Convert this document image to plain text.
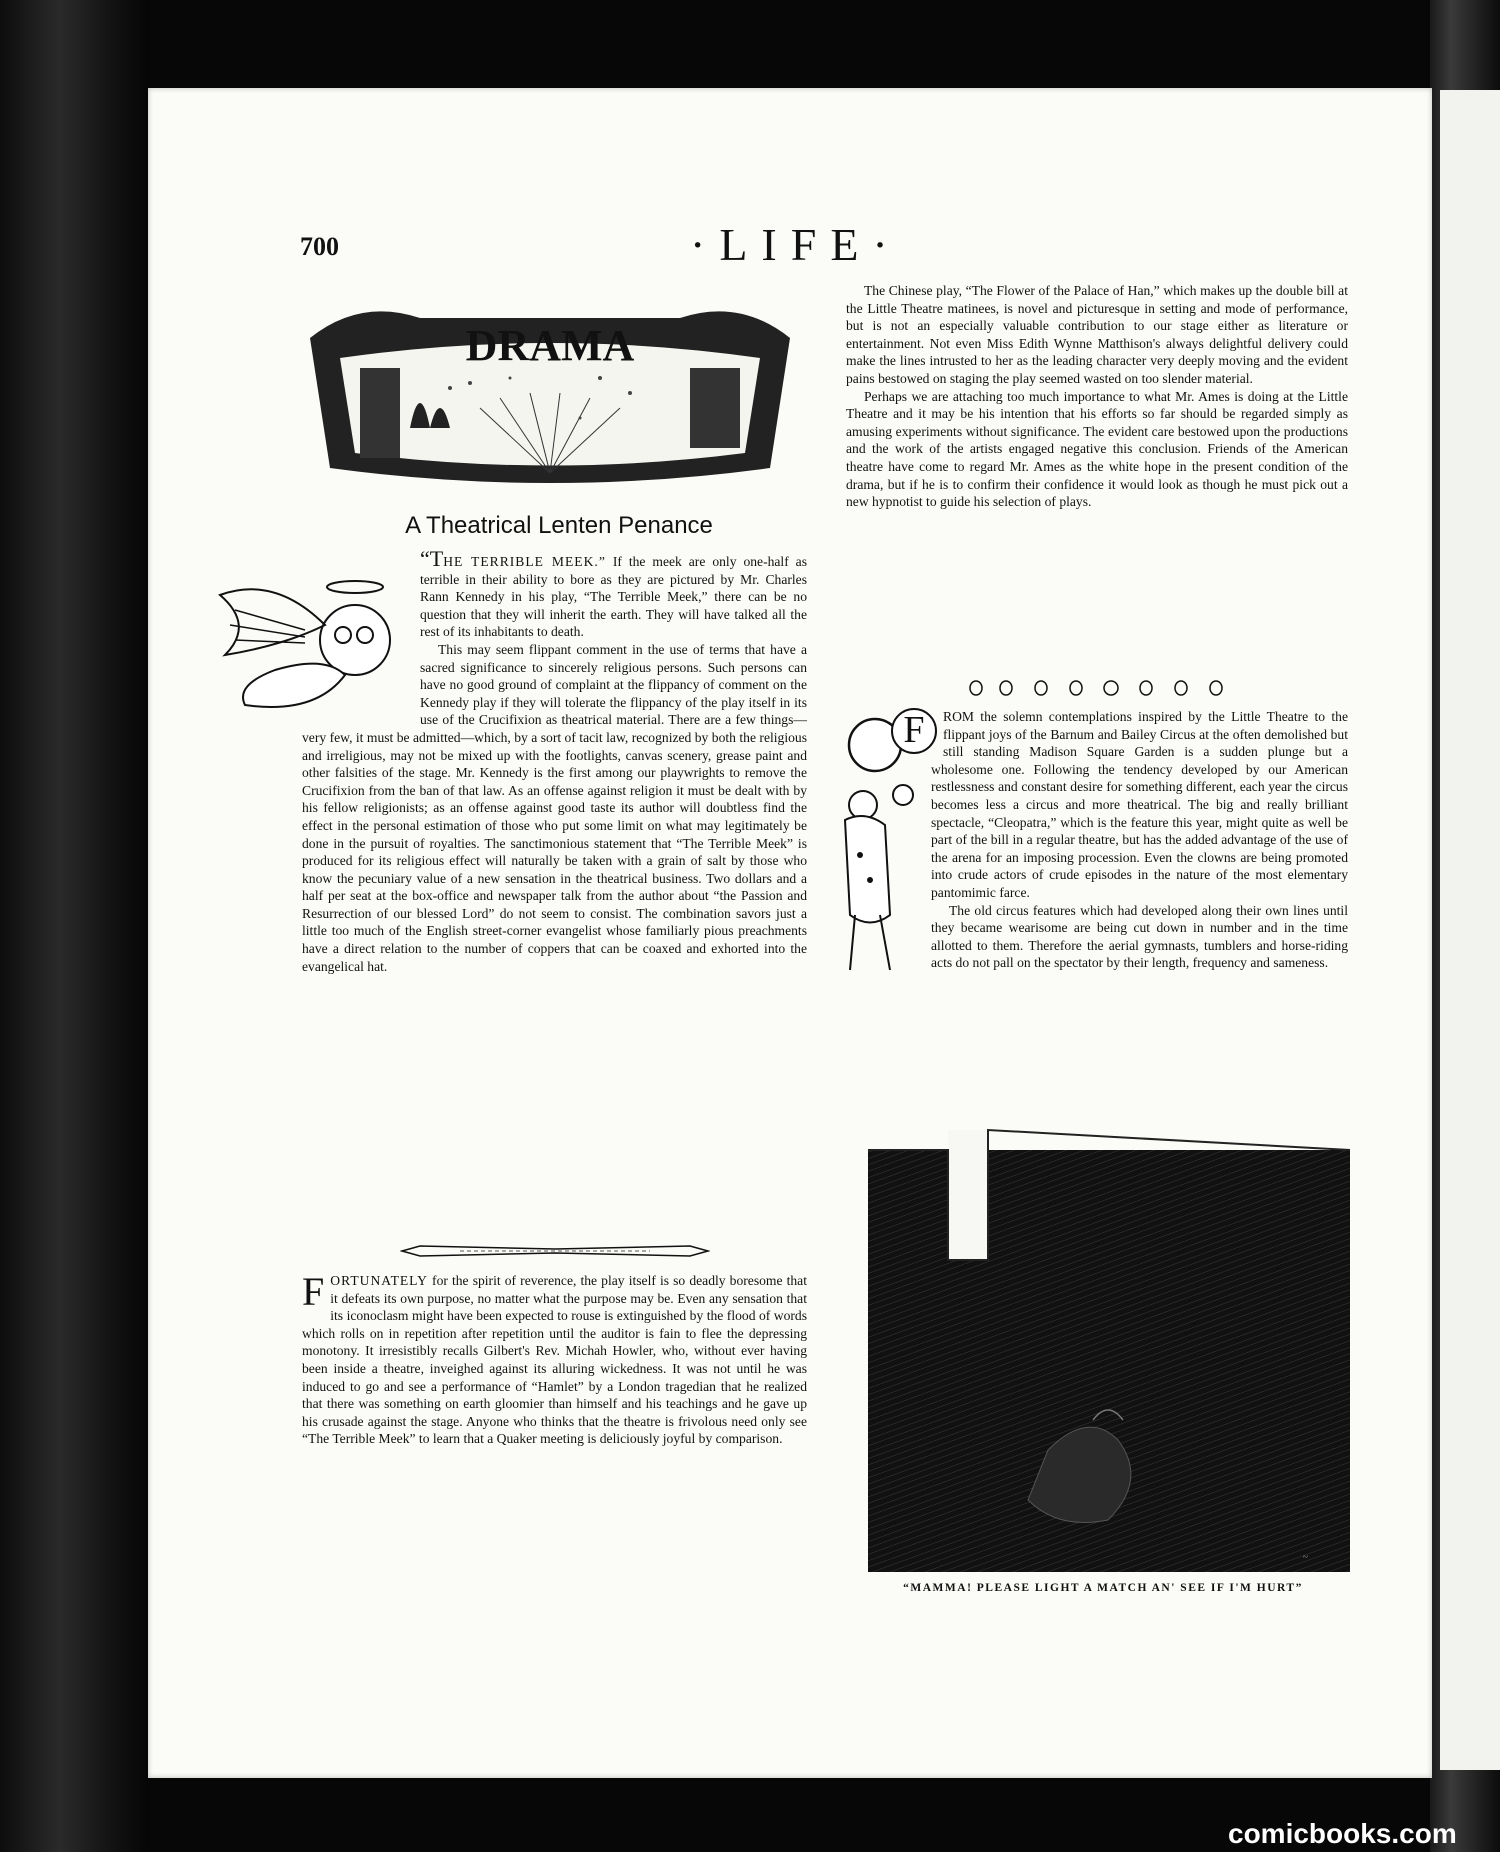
700	·LIFE·
DRAMA
A Theatrical Lenten Penance

“THE TERRIBLE MEEK.” If the meek are only one-half as terrible in their ability to bore as they are pictured by Mr. Charles Rann Kennedy in his play, “The Terrible Meek,” there can be no question that they will inherit the earth. They will have talked all the rest of its inhabitants to death.

This may seem flippant comment in the use of terms that have a sacred significance to sincerely religious persons. Such persons can have no good ground of complaint at the flippancy of comment on the Kennedy play if they will tolerate the flippancy of the play itself in its use of the Crucifixion as theatrical material. There are a few things—very few, it must be admitted—which, by a sort of tacit law, recognized by both the religious and irreligious, may not be mixed up with the footlights, canvas scenery, grease paint and other falsities of the stage. Mr. Kennedy is the first among our playwrights to remove the Crucifixion from the ban of that law. As an offense against religion it must be dealt with by his fellow religionists; as an offense against good taste its author will doubtless find the effect in the personal estimation of those who put some limit on what may legitimately be done in the pursuit of royalties. The sanctimonious statement that “The Terrible Meek” is produced for its religious effect will naturally be taken with a grain of salt by those who know the pecuniary value of a new sensation in the theatrical business. Two dollars and a half per seat at the box-office and newspaper talk from the author about “the Passion and Resurrection of our blessed Lord” do not seem to consist. The combination savors just a little too much of the English street-corner evangelist whose familiarly pious preachments have a direct relation to the number of coppers that can be coaxed and exhorted into the evangelical hat.

FORTUNATELY for the spirit of reverence, the play itself is so deadly boresome that it defeats its own purpose, no matter what the purpose may be. Even any sensation that its iconoclasm might have been expected to rouse is extinguished by the flood of words which rolls on in repetition after repetition until the auditor is fain to flee the depressing monotony. It irresistibly recalls Gilbert's Rev. Michah Howler, who, without ever having been inside a theatre, inveighed against its alluring wickedness. It was not until he was induced to go and see a performance of “Hamlet” by a London tragedian that he realized that there was something on earth gloomier than himself and his teachings and he gave up his crusade against the stage. Anyone who thinks that the theatre is frivolous need only see “The Terrible Meek” to learn that a Quaker meeting is deliciously joyful by comparison.

The Chinese play, “The Flower of the Palace of Han,” which makes up the double bill at the Little Theatre matinees, is novel and picturesque in setting and mode of performance, but is not an especially valuable contribution to our stage either as literature or entertainment. Not even Miss Edith Wynne Matthison's always delightful delivery could make the lines intrusted to her as the leading character very deeply moving and the evident pains bestowed on staging the play seemed wasted on too slender material.

Perhaps we are attaching too much importance to what Mr. Ames is doing at the Little Theatre and it may be his intention that his efforts so far should be regarded simply as amusing experiments without significance. The evident care bestowed upon the productions and the work of the artists engaged negative this conclusion. Friends of the American theatre have come to regard Mr. Ames as the white hope in the present condition of the drama, but if he is to confirm their confidence it would look as though he must pick out a new hypnotist to guide his selection of plays.

F	ROM the solemn contemplations inspired by the Little Theatre to the flippant joys of the Barnum and Bailey Circus at the often demolished but still standing Madison Square Garden is a sudden plunge but a wholesome one. Following the tendency developed by our American restlessness and constant desire for something different, each year the circus becomes less a circus and more theatrical. The big and really brilliant spectacle, “Cleopatra,” which is the feature this year, might quite as well be part of the bill in a regular theatre, but has the added advantage of the use of the arena for an imposing procession. Even the clowns are being promoted into crude actors of crude episodes in the nature of the most elementary pantomimic farce.

The old circus features which had developed along their own lines until they became wearisome are being cut down in number and in the time allotted to them. Therefore the aerial gymnasts, tumblers and horse-riding acts do not pall on the spectator by their length, frequency and sameness.

~
“MAMMA! PLEASE LIGHT A MATCH AN' SEE IF I'M HURT”
comicbooks.com
